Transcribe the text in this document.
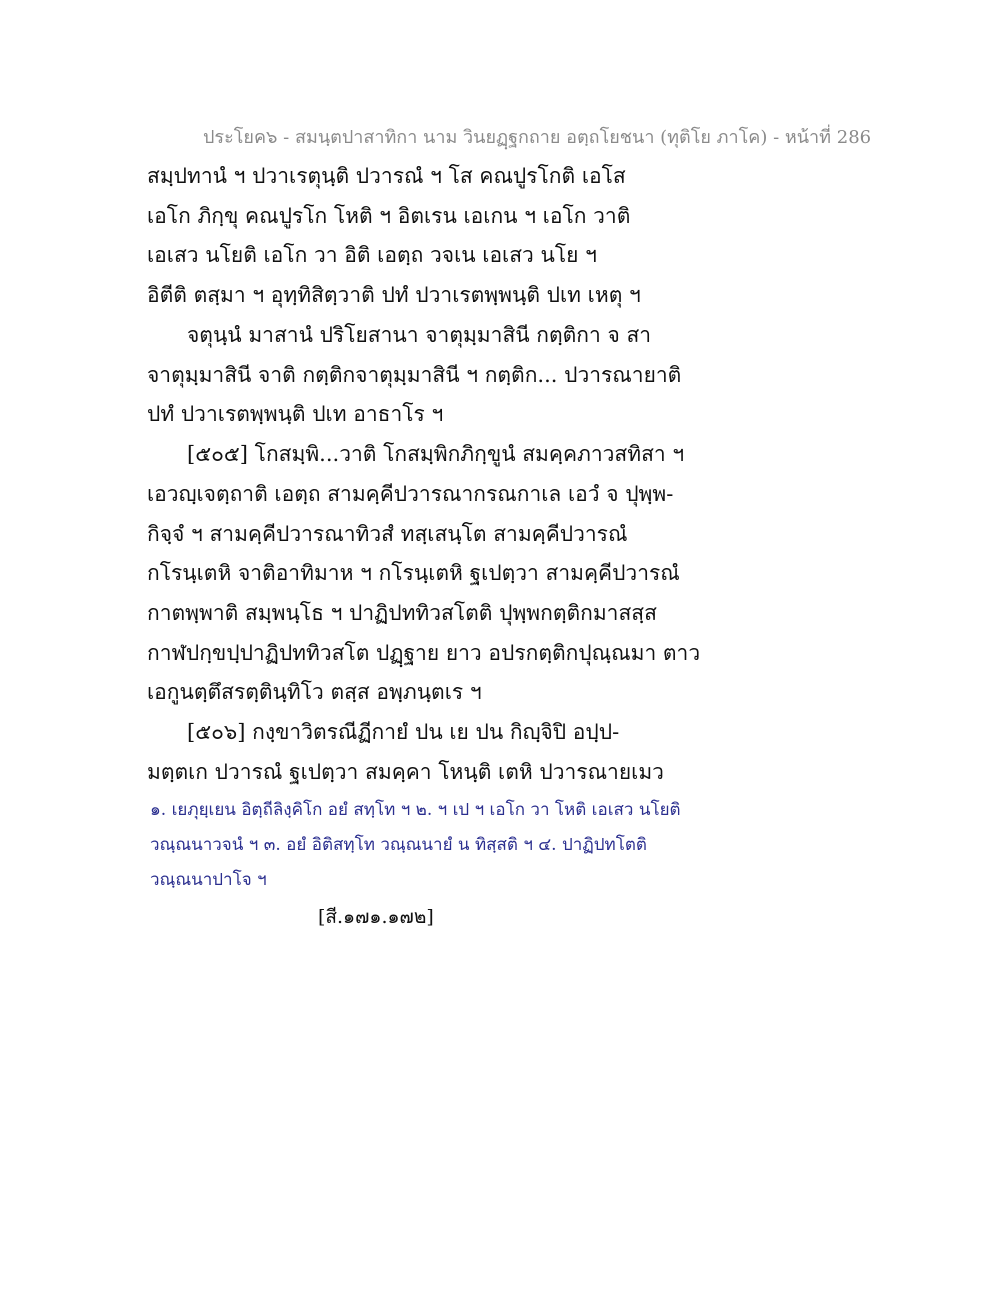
ประโยค๖ - สมนฺตปาสาทิกา นาม วินยฏฺฐกถาย อตฺถโยชนา (ทุติโย ภาโค) - หน้าที่ 286
สมฺปทานํ ฯ ปวาเรตุนฺติ ปวารณํ ฯ โส คณปูรโกติ เอโส
เอโก ภิกฺขุ คณปูรโก โหติ ฯ อิตเรน เอเกน ฯ เอโก วาติ
เอเสว นโยติ เอโก วา อิติ เอตฺถ วจเน เอเสว นโย ฯ
อิตีติ ตสฺมา ฯ อุทฺทิสิตฺวาติ ปทํ ปวาเรตพฺพนฺติ ปเท เหตุ ฯ
จตุนฺนํ มาสานํ ปริโยสานา จาตุมฺมาสินี กตฺติกา จ สา
จาตุมฺมาสินี จาติ กตฺติกจาตุมฺมาสินี ฯ กตฺติก... ปวารณายาติ
ปทํ ปวาเรตพฺพนฺติ ปเท อาธาโร ฯ
[๕๐๕] โกสมฺพิ...วาติ โกสมฺพิกภิกฺขูนํ สมคฺคภาวสทิสา ฯ
เอวญฺเจตฺถาติ เอตฺถ สามคฺคีปวารณากรณกาเล เอวํ จ ปุพฺพ-
กิจฺจํ ฯ สามคฺคีปวารณาทิวสํ ทสฺเสนฺโต สามคฺคีปวารณํ
กโรนฺเตหิ จาติอาทิมาห ฯ กโรนฺเตหิ ฐเปตฺวา สามคฺคีปวารณํ
กาตพฺพาติ สมฺพนฺโธ ฯ ปาฏิปททิวสโตติ ปุพฺพกตฺติกมาสสฺส
กาฬปกฺขปฺปาฏิปททิวสโต ปฏฺฐาย ยาว อปรกตฺติกปุณฺณมา ตาว
เอกูนตฺตึสรตฺตินฺทิโว ตสฺส อพฺภนฺตเร ฯ
[๕๐๖] กงฺขาวิตรณีฏีกายํ ปน เย ปน กิญฺจิปิ อปฺป-
มตฺตเก ปวารณํ ฐเปตฺวา สมคฺคา โหนฺติ เตหิ ปวารณายเมว
๑. เยภุยฺเยน อิตฺถีลิงฺคิโก อยํ สทฺโท ฯ ๒. ฯ เป ฯ เอโก วา โหติ เอเสว นโยติ
วณฺณนาวจนํ ฯ ๓. อยํ อิติสทฺโท วณฺณนายํ น ทิสฺสติ ฯ ๔. ปาฏิปทโตติ
วณฺณนาปาโจ ฯ
[สี.๑๗๑.๑๗๒]
